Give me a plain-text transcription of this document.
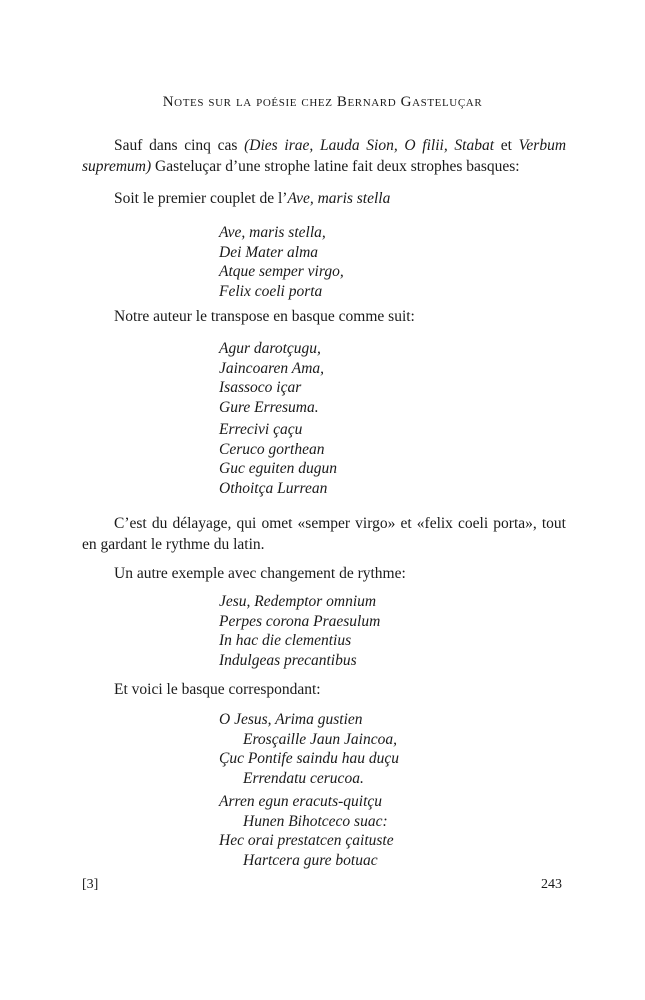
Notes sur la poésie chez Bernard Gasteluçar
Sauf dans cinq cas (Dies irae, Lauda Sion, O filii, Stabat et Verbum supremum) Gasteluçar d’une strophe latine fait deux strophes basques:
Soit le premier couplet de l’Ave, maris stella
Ave, maris stella,
Dei Mater alma
Atque semper virgo,
Felix coeli porta
Notre auteur le transpose en basque comme suit:
Agur darotçugu,
Jaincoaren Ama,
Isassoco içar
Gure Erresuma.
Errecivi çaçu
Ceruco gorthean
Guc eguiten dugun
Othoitça Lurrean
C’est du délayage, qui omet «semper virgo» et «felix coeli porta», tout en gardant le rythme du latin.
Un autre exemple avec changement de rythme:
Jesu, Redemptor omnium
Perpes corona Praesulum
In hac die clementius
Indulgeas precantibus
Et voici le basque correspondant:
O Jesus, Arima gustien
Erosçaille Jaun Jaincoa,
Çuc Pontife saindu hau duçu
Errendatu cerucoa.
Arren egun eracuts-quitçu
Hunen Bihotceco suac:
Hec orai prestatcen çaituste
Hartcera gure botuac
[3]	243
